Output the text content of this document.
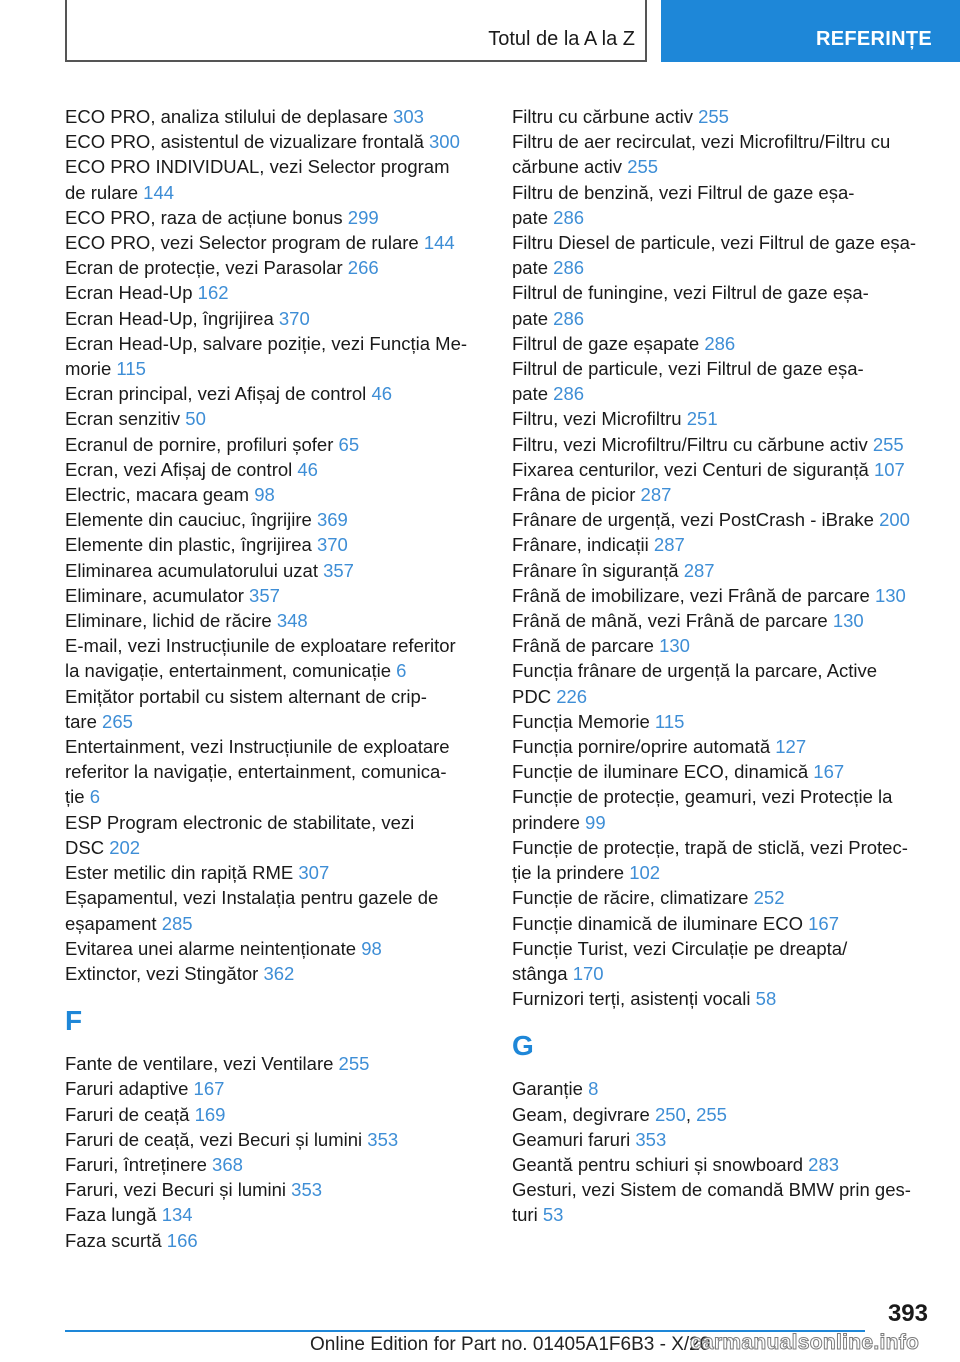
Totul de la A la Z	REFERINȚE
ECO PRO, analiza stilului de deplasare 303
ECO PRO, asistentul de vizualizare frontală 300
ECO PRO INDIVIDUAL, vezi Selector program
de rulare 144
ECO PRO, raza de acțiune bonus 299
ECO PRO, vezi Selector program de rulare 144
Ecran de protecție, vezi Parasolar 266
Ecran Head-Up 162
Ecran Head-Up, îngrijirea 370
Ecran Head-Up, salvare poziție, vezi Funcția Me-
morie 115
Ecran principal, vezi Afișaj de control 46
Ecran senzitiv 50
Ecranul de pornire, profiluri șofer 65
Ecran, vezi Afișaj de control 46
Electric, macara geam 98
Elemente din cauciuc, îngrijire 369
Elemente din plastic, îngrijirea 370
Eliminarea acumulatorului uzat 357
Eliminare, acumulator 357
Eliminare, lichid de răcire 348
E-mail, vezi Instrucțiunile de exploatare referitor
la navigație, entertainment, comunicație 6
Emițător portabil cu sistem alternant de crip-
tare 265
Entertainment, vezi Instrucțiunile de exploatare
referitor la navigație, entertainment, comunica-
ție 6
ESP Program electronic de stabilitate, vezi
DSC 202
Ester metilic din rapiță RME 307
Eșapamentul, vezi Instalația pentru gazele de
eșapament 285
Evitarea unei alarme neintenționate 98
Extinctor, vezi Stingător 362
F
Fante de ventilare, vezi Ventilare 255
Faruri adaptive 167
Faruri de ceață 169
Faruri de ceață, vezi Becuri și lumini 353
Faruri, întreținere 368
Faruri, vezi Becuri și lumini 353
Faza lungă 134
Faza scurtă 166
Filtru cu cărbune activ 255
Filtru de aer recirculat, vezi Microfiltru/Filtru cu
cărbune activ 255
Filtru de benzină, vezi Filtrul de gaze eșa-
pate 286
Filtru Diesel de particule, vezi Filtrul de gaze eșa-
pate 286
Filtrul de funingine, vezi Filtrul de gaze eșa-
pate 286
Filtrul de gaze eșapate 286
Filtrul de particule, vezi Filtrul de gaze eșa-
pate 286
Filtru, vezi Microfiltru 251
Filtru, vezi Microfiltru/Filtru cu cărbune activ 255
Fixarea centurilor, vezi Centuri de siguranță 107
Frâna de picior 287
Frânare de urgență, vezi PostCrash - iBrake 200
Frânare, indicații 287
Frânare în siguranță 287
Frână de imobilizare, vezi Frână de parcare 130
Frână de mână, vezi Frână de parcare 130
Frână de parcare 130
Funcția frânare de urgență la parcare, Active
PDC 226
Funcția Memorie 115
Funcția pornire/oprire automată 127
Funcție de iluminare ECO, dinamică 167
Funcție de protecție, geamuri, vezi Protecție la
prindere 99
Funcție de protecție, trapă de sticlă, vezi Protec-
ție la prindere 102
Funcție de răcire, climatizare 252
Funcție dinamică de iluminare ECO 167
Funcție Turist, vezi Circulație pe dreapta/
stânga 170
Furnizori terți, asistenți vocali 58
G
Garanție 8
Geam, degivrare 250, 255
Geamuri faruri 353
Geantă pentru schiuri și snowboard 283
Gesturi, vezi Sistem de comandă BMW prin ges-
turi 53
393
Online Edition for Part no. 01405A1F6B3 - X/20
carmanualsonline.info
